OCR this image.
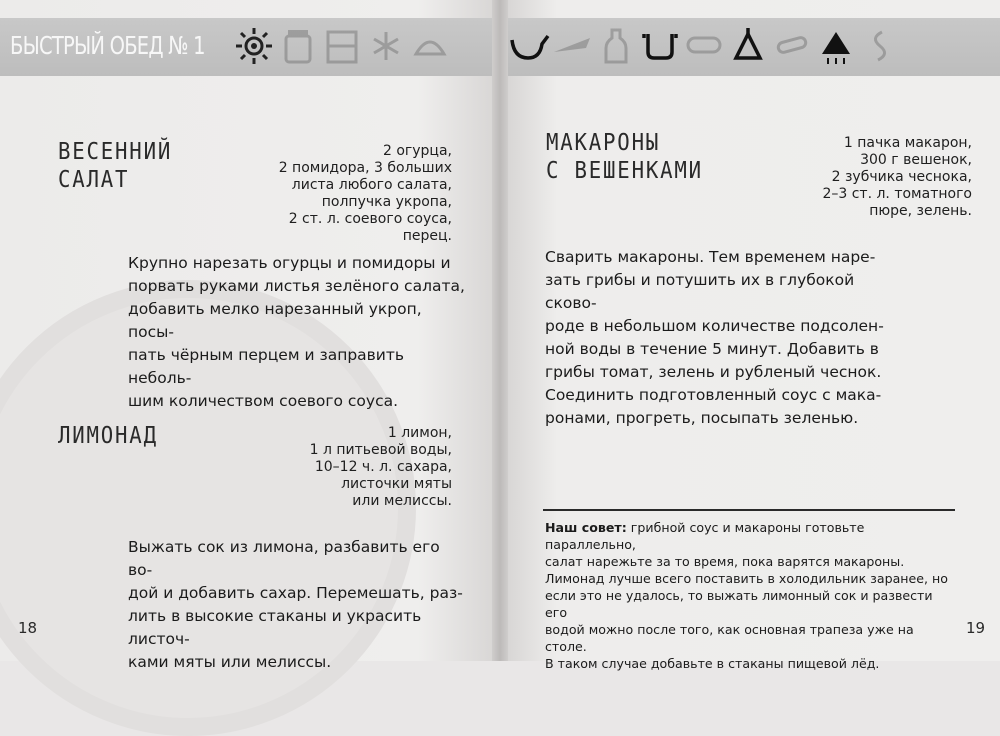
БЫСТРЫЙ ОБЕД № 1
ВЕСЕННИЙ
САЛАТ
2 огурца,
2 помидора, 3 больших
листа любого салата,
полпучка укропа,
2 ст. л. соевого соуса,
перец.
Крупно нарезать огурцы и помидоры и
порвать руками листья зелёного салата,
добавить мелко нарезанный укроп, посы-
пать чёрным перцем и заправить неболь-
шим количеством соевого соуса.
ЛИМОНАД	1 лимон,
1 л питьевой воды,
10–12 ч. л. сахара,
листочки мяты
или мелиссы.
Выжать сок из лимона, разбавить его во-
дой и добавить сахар. Перемешать, раз-
лить в высокие стаканы и украсить листоч-
ками мяты или мелиссы.
18
МАКАРОНЫ
С ВЕШЕНКАМИ
1 пачка макарон,
300 г вешенок,
2 зубчика чеснока,
2–3 ст. л. томатного
пюре, зелень.
Сварить макароны. Тем временем наре-
зать грибы и потушить их в глубокой сково-
роде в небольшом количестве подсолен-
ной воды в течение 5 минут. Добавить в
грибы томат, зелень и рубленый чеснок.
Соединить подготовленный соус с мака-
ронами, прогреть, посыпать зеленью.
Наш совет: грибной соус и макароны готовьте параллельно,
салат нарежьте за то время, пока варятся макароны.
Лимонад лучше всего поставить в холодильник заранее, но
если это не удалось, то выжать лимонный сок и развести его
водой можно после того, как основная трапеза уже на столе.
В таком случае добавьте в стаканы пищевой лёд.
19
